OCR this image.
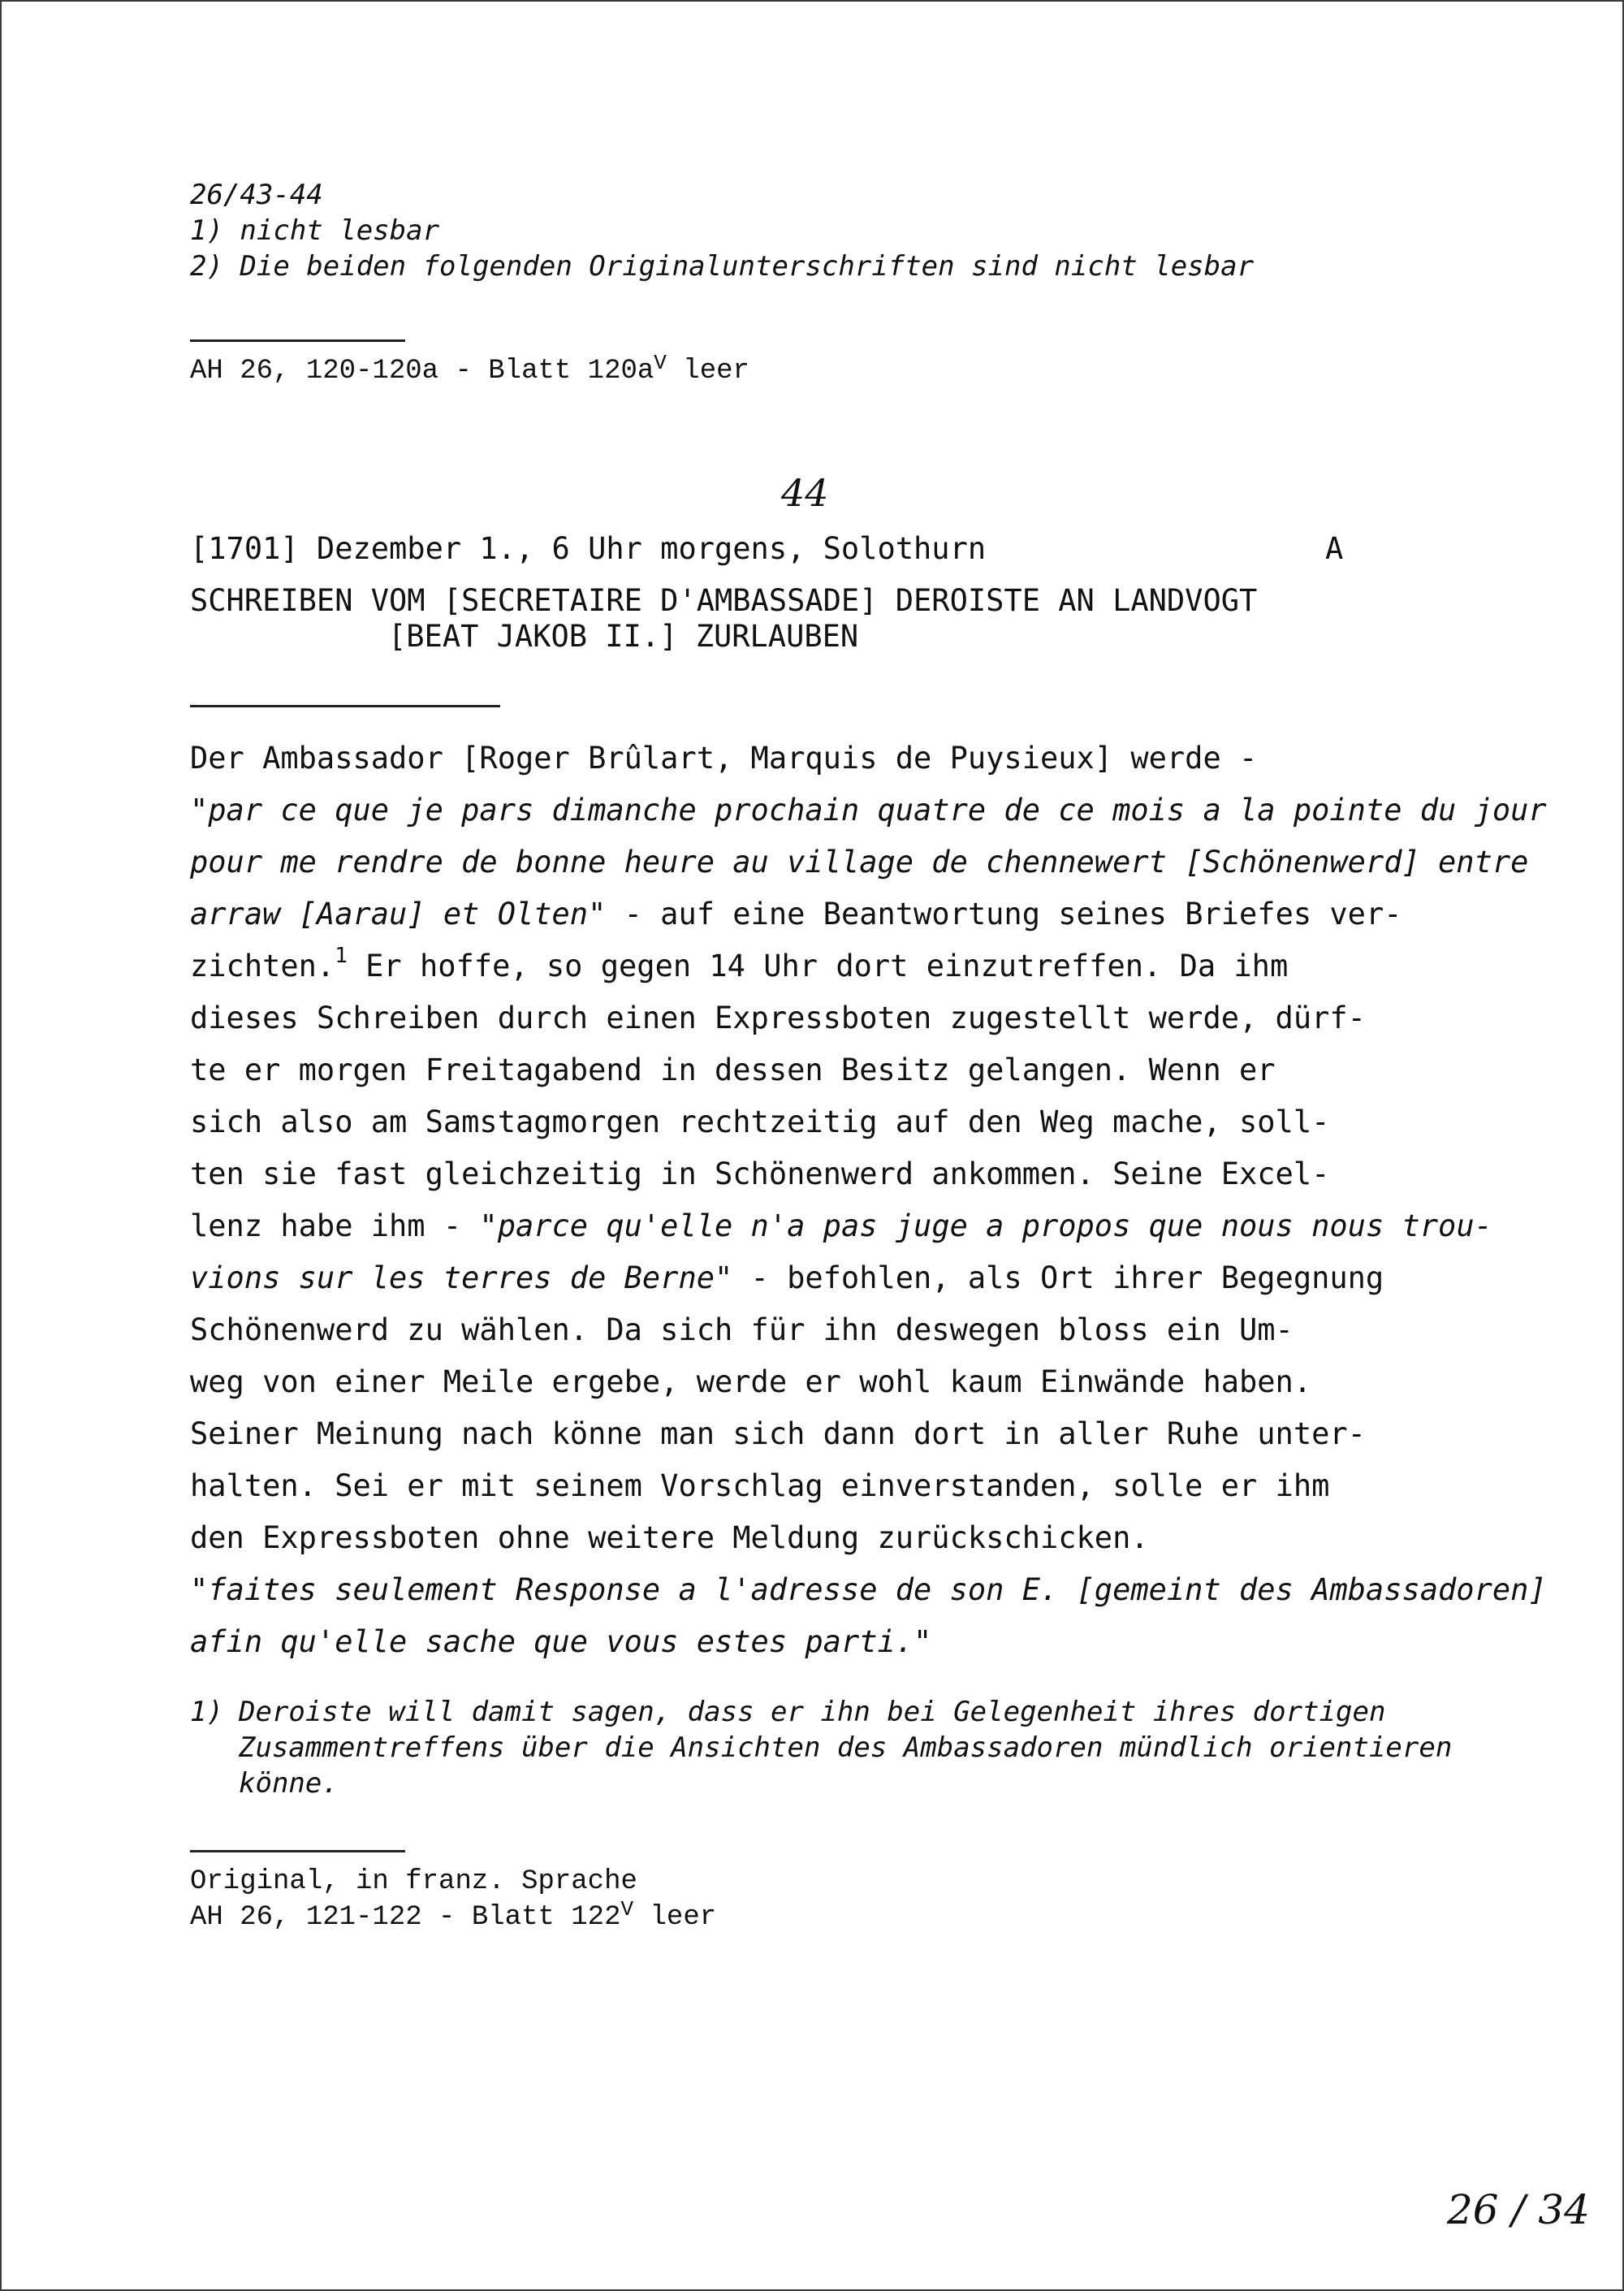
26/43-44
1) nicht lesbar
2) Die beiden folgenden Originalunterschriften sind nicht lesbar
AH 26, 120-120a - Blatt $120a^V$ leer
44
[1701] Dezember 1., 6 Uhr morgens, Solothurn	A
SCHREIBEN VOM [SECRETAIRE D'AMBASSADE] DEROISTE AN LANDVOGT
[BEAT JAKOB II.] ZURLAUBEN
Der Ambassador [Roger Brûlart, Marquis de Puysieux] werde -
"par ce que je pars dimanche prochain quatre de ce mois a la pointe du jour
pour me rendre de bonne heure au village de chennewert [Schönenwerd] entre
arraw [Aarau] et Olten" - auf eine Beantwortung seines Briefes ver-
zichten.$^1$ Er hoffe, so gegen 14 Uhr dort einzutreffen. Da ihm
dieses Schreiben durch einen Expressboten zugestellt werde, dürf-
te er morgen Freitagabend in dessen Besitz gelangen. Wenn er
sich also am Samstagmorgen rechtzeitig auf den Weg mache, soll-
ten sie fast gleichzeitig in Schönenwerd ankommen. Seine Excel-
lenz habe ihm - "parce qu'elle n'a pas juge a propos que nous nous trou-
vions sur les terres de Berne" - befohlen, als Ort ihrer Begegnung
Schönenwerd zu wählen. Da sich für ihn deswegen bloss ein Um-
weg von einer Meile ergebe, werde er wohl kaum Einwände haben.
Seiner Meinung nach könne man sich dann dort in aller Ruhe unter-
halten. Sei er mit seinem Vorschlag einverstanden, solle er ihm
den Expressboten ohne weitere Meldung zurückschicken.
"faites seulement Response a l'adresse de son E. [gemeint des Ambassadoren]
afin qu'elle sache que vous estes parti."
1) Deroiste will damit sagen, dass er ihn bei Gelegenheit ihres dortigen
Zusammentreffens über die Ansichten des Ambassadoren mündlich orientieren
könne.
Original, in franz. Sprache
AH 26, 121-122 - Blatt $122^V$ leer
26 / 34
